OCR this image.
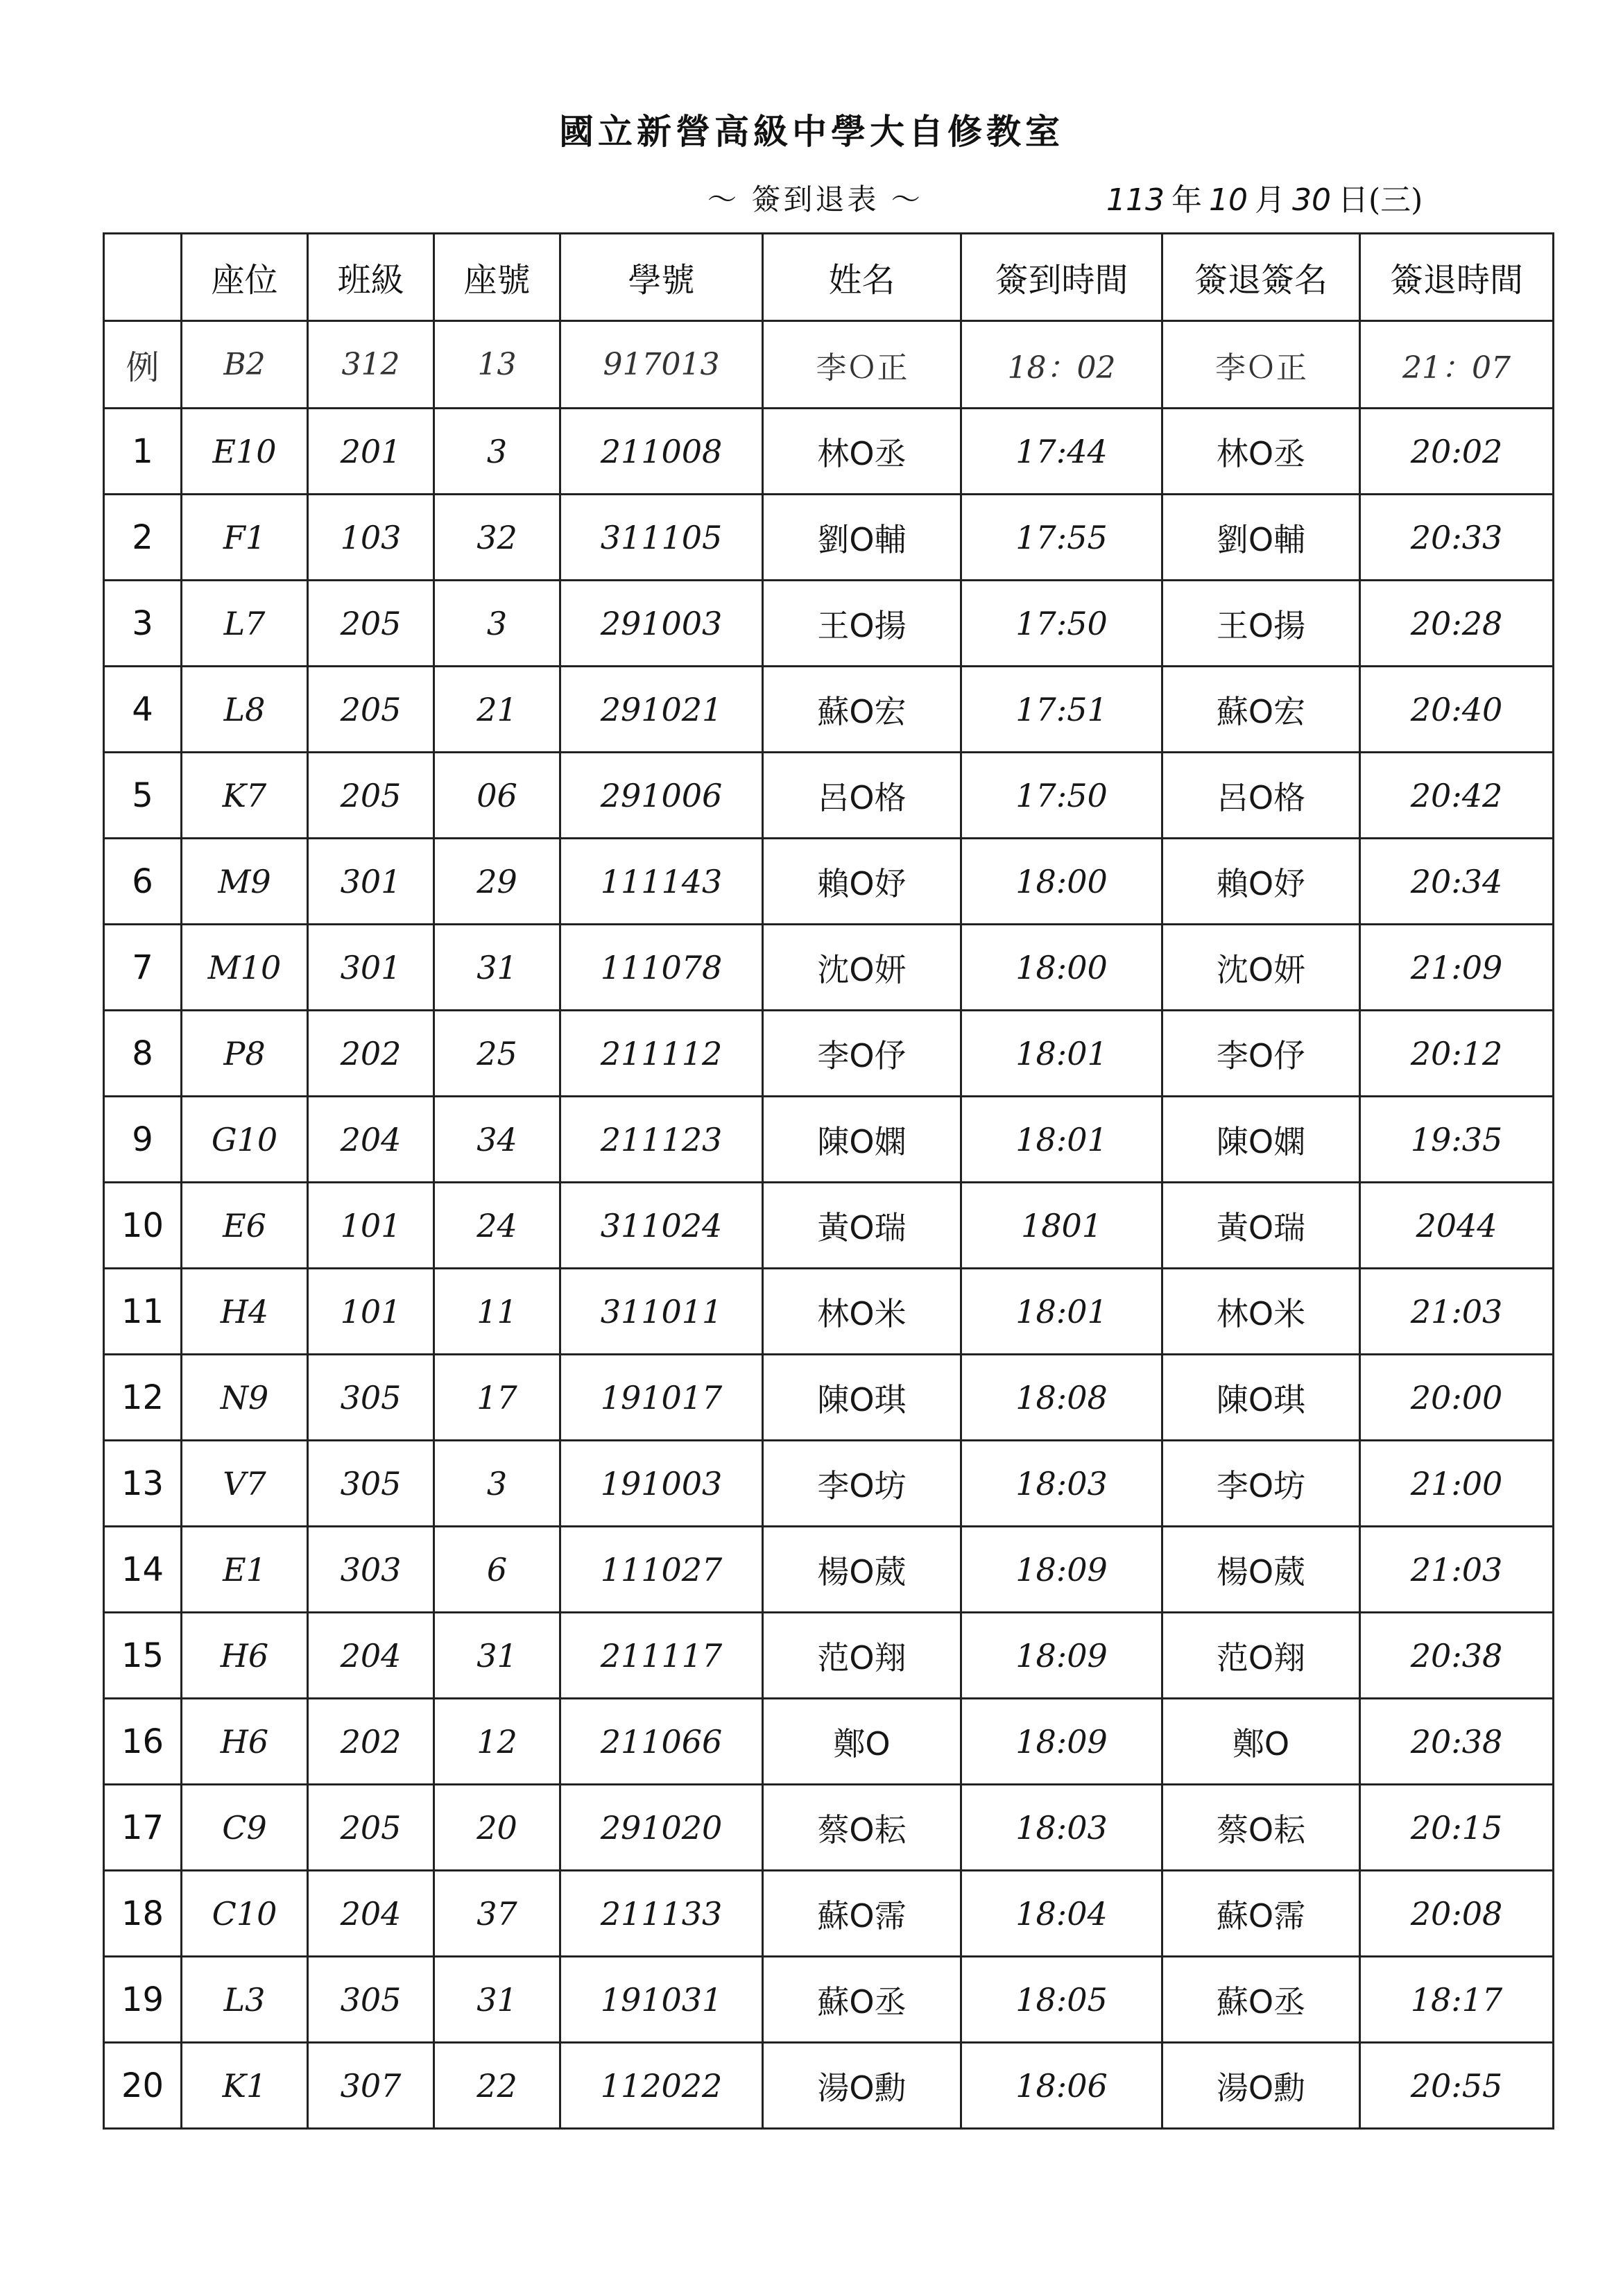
國立新營高級中學大自修教室
～ 簽到退表 ～	113 年 10 月 30 日(三)
	座位	班級	座號	學號	姓名	簽到時間	簽退簽名	簽退時間
例	B2	312	13	917013	李Ｏ正	18：02	李Ｏ正	21：07
1	E10	201	3	211008	林O丞	17:44	林O丞	20:02
2	F1	103	32	311105	劉O輔	17:55	劉O輔	20:33
3	L7	205	3	291003	王O揚	17:50	王O揚	20:28
4	L8	205	21	291021	蘇O宏	17:51	蘇O宏	20:40
5	K7	205	06	291006	呂O格	17:50	呂O格	20:42
6	M9	301	29	111143	賴O妤	18:00	賴O妤	20:34
7	M10	301	31	111078	沈O妍	18:00	沈O妍	21:09
8	P8	202	25	211112	李O伃	18:01	李O伃	20:12
9	G10	204	34	211123	陳O嫻	18:01	陳O嫻	19:35
10	E6	101	24	311024	黃O瑞	1801	黃O瑞	2044
11	H4	101	11	311011	林O米	18:01	林O米	21:03
12	N9	305	17	191017	陳O琪	18:08	陳O琪	20:00
13	V7	305	3	191003	李O坊	18:03	李O坊	21:00
14	E1	303	6	111027	楊O葳	18:09	楊O葳	21:03
15	H6	204	31	211117	范O翔	18:09	范O翔	20:38
16	H6	202	12	211066	鄭O	18:09	鄭O	20:38
17	C9	205	20	291020	蔡O耘	18:03	蔡O耘	20:15
18	C10	204	37	211133	蘇O霈	18:04	蘇O霈	20:08
19	L3	305	31	191031	蘇O丞	18:05	蘇O丞	18:17
20	K1	307	22	112022	湯O勳	18:06	湯O勳	20:55
